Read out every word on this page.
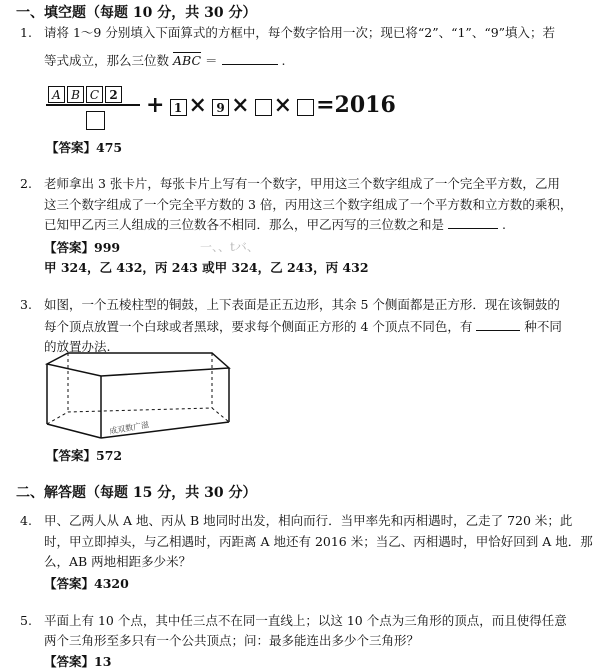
一、填空题（每题 10 分，共 30 分）
1. 请将 1～9 分别填入下面算式的方框中，每个数字恰用一次；现已将“2”、“1”、“9”填入；若
等式成立，那么三位数 $\overline{ABC}$ ＝	.
A B C 2 + 1 × 9 × × =2016
【答案】475
2. 老师拿出 3 张卡片，每张卡片上写有一个数字，甲用这三个数字组成了一个完全平方数，乙用
这三个数字组成了一个完全平方数的 3 倍，丙用这三个数字组成了一个平方数和立方数的乘积，
已知甲乙丙三人组成的三位数各不相同．那么，甲乙丙写的三位数之和是	.
【答案】999	一、、tバ、
甲 324，乙 432，丙 243 或甲 324，乙 243，丙 432
3. 如图，一个五棱柱型的铜鼓，上下表面是正五边形，其余 5 个侧面都是正方形．现在该铜鼓的
每个顶点放置一个白球或者黑球，要求每个侧面正方形的 4 个顶点不同色，有	种不同
的放置办法.
成双数广滋
【答案】572
二、解答题（每题 15 分，共 30 分）
4. 甲、乙两人从 A 地、丙从 B 地同时出发，相向而行．当甲率先和丙相遇时，乙走了 720 米；此
时，甲立即掉头，与乙相遇时，丙距离 A 地还有 2016 米；当乙、丙相遇时，甲恰好回到 A 地．那
么，AB 两地相距多少米？
【答案】4320
5. 平面上有 10 个点，其中任三点不在同一直线上；以这 10 个点为三角形的顶点，而且使得任意
两个三角形至多只有一个公共顶点；问：最多能连出多少个三角形？
【答案】13
